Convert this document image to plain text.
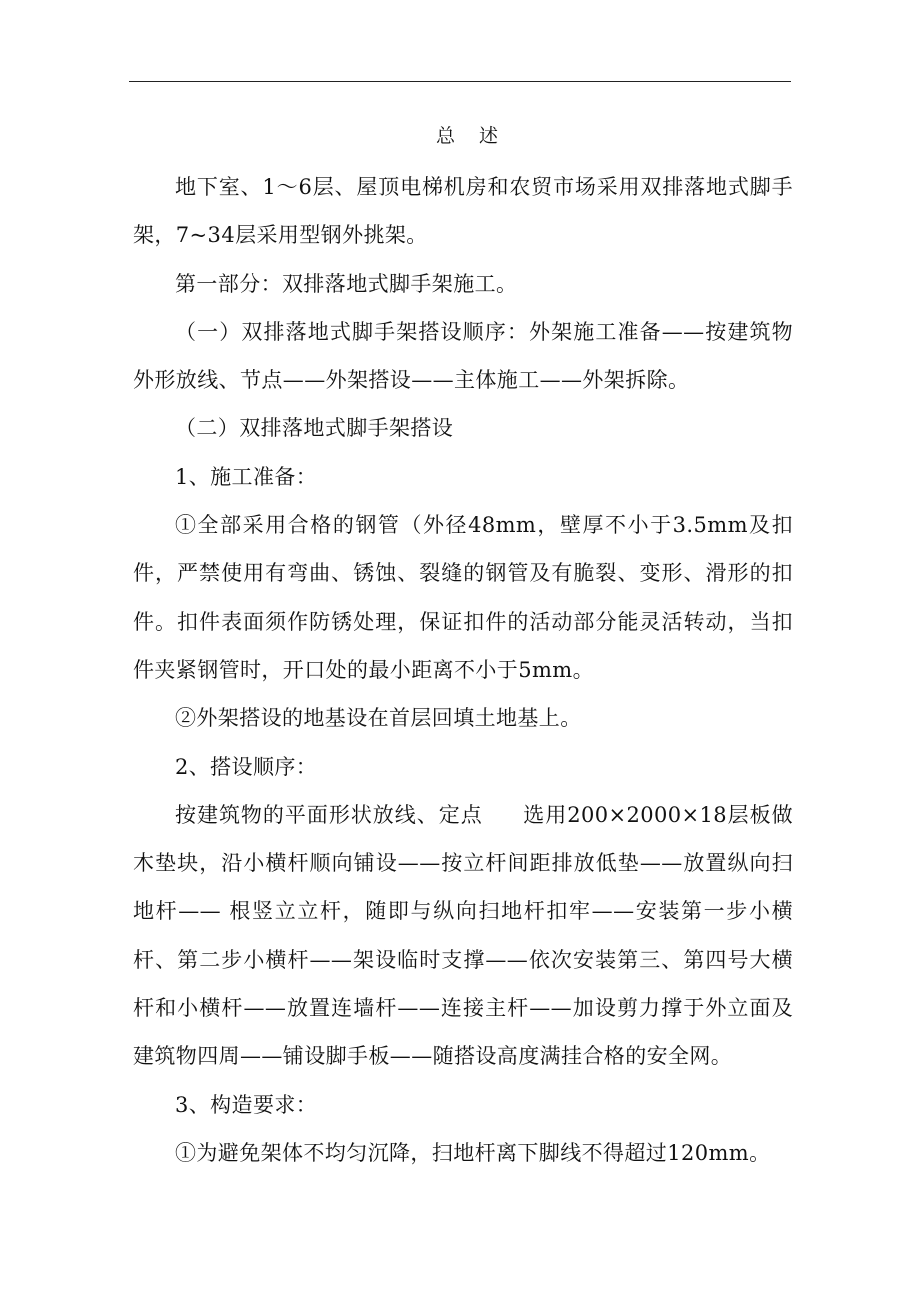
总 述

地下室、1～6层、屋顶电梯机房和农贸市场采用双排落地式脚手架，7~34层采用型钢外挑架。

第一部分：双排落地式脚手架施工。

（一）双排落地式脚手架搭设顺序：外架施工准备——按建筑物外形放线、节点——外架搭设——主体施工——外架拆除。

（二）双排落地式脚手架搭设

1、施工准备：

①全部采用合格的钢管（外径48mm，壁厚不小于3.5mm及扣件，严禁使用有弯曲、锈蚀、裂缝的钢管及有脆裂、变形、滑形的扣件。扣件表面须作防锈处理，保证扣件的活动部分能灵活转动，当扣件夹紧钢管时，开口处的最小距离不小于5mm。

②外架搭设的地基设在首层回填土地基上。

2、搭设顺序：

按建筑物的平面形状放线、定点 选用200×2000×18层板做木垫块，沿小横杆顺向铺设——按立杆间距排放低垫——放置纵向扫地杆—— 根竖立立杆，随即与纵向扫地杆扣牢——安装第一步小横杆、第二步小横杆——架设临时支撑——依次安装第三、第四号大横杆和小横杆——放置连墙杆——连接主杆——加设剪力撑于外立面及建筑物四周——铺设脚手板——随搭设高度满挂合格的安全网。

3、构造要求：

①为避免架体不均匀沉降，扫地杆离下脚线不得超过120mm。
